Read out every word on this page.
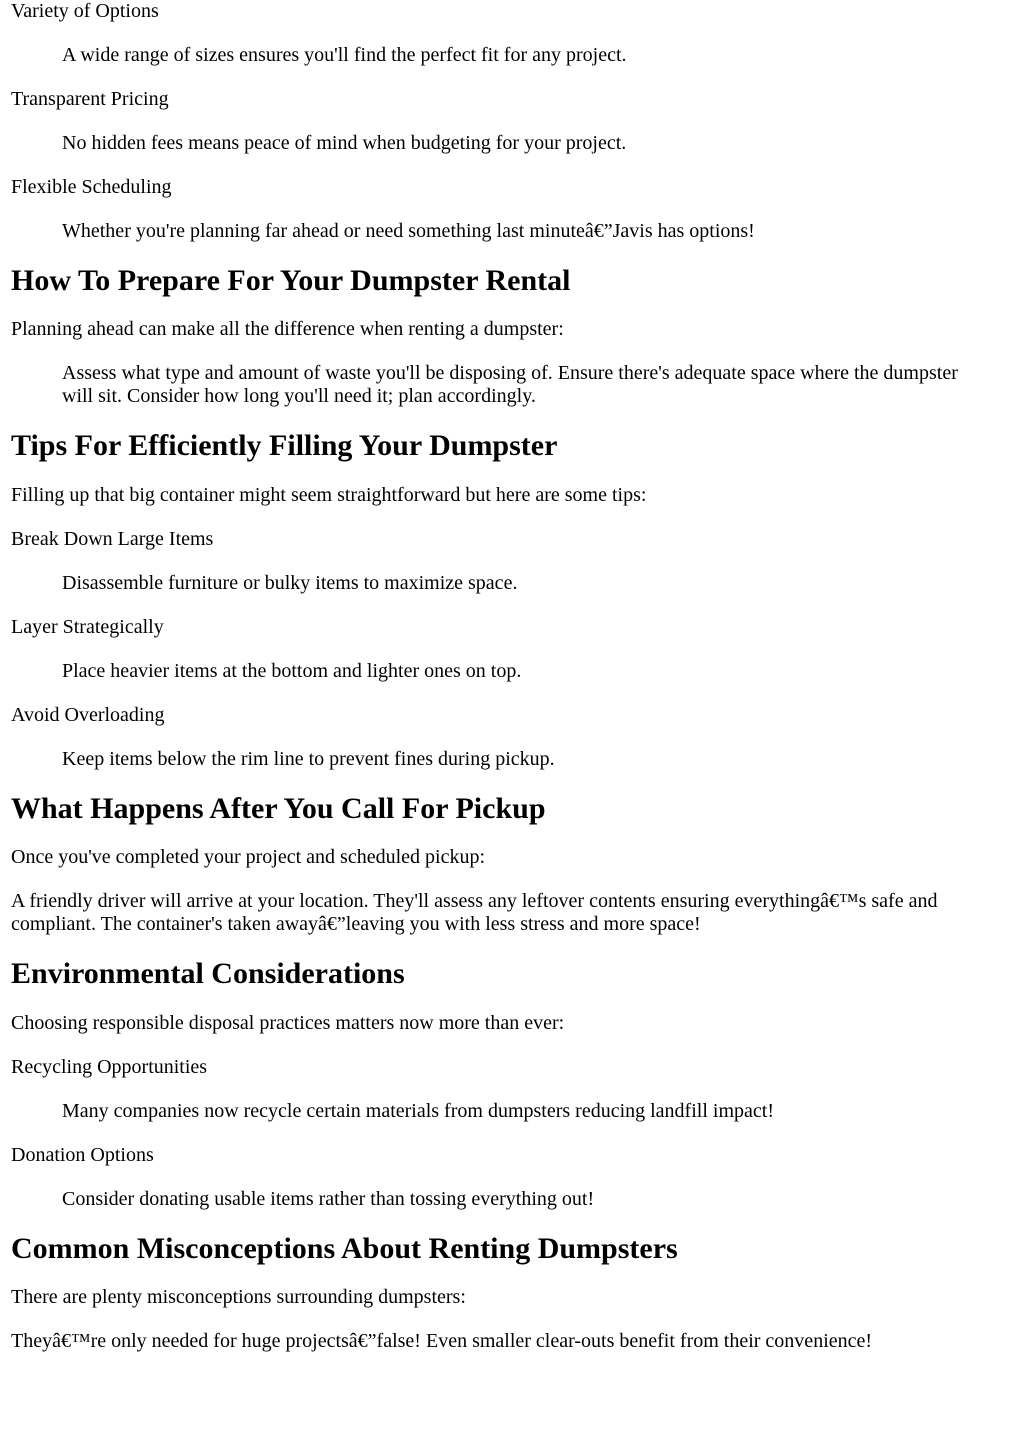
Variety of Options

A wide range of sizes ensures you'll find the perfect fit for any project.

Transparent Pricing

No hidden fees means peace of mind when budgeting for your project.

Flexible Scheduling

Whether you're planning far ahead or need something last minuteâ€”Javis has options!

How To Prepare For Your Dumpster Rental

Planning ahead can make all the difference when renting a dumpster:

Assess what type and amount of waste you'll be disposing of. Ensure there's adequate space where the dumpster will sit. Consider how long you'll need it; plan accordingly.

Tips For Efficiently Filling Your Dumpster

Filling up that big container might seem straightforward but here are some tips:

Break Down Large Items

Disassemble furniture or bulky items to maximize space.

Layer Strategically

Place heavier items at the bottom and lighter ones on top.

Avoid Overloading

Keep items below the rim line to prevent fines during pickup.

What Happens After You Call For Pickup

Once you've completed your project and scheduled pickup:

A friendly driver will arrive at your location. They'll assess any leftover contents ensuring everythingâ€™s safe and compliant. The container's taken awayâ€”leaving you with less stress and more space!

Environmental Considerations

Choosing responsible disposal practices matters now more than ever:

Recycling Opportunities

Many companies now recycle certain materials from dumpsters reducing landfill impact!

Donation Options

Consider donating usable items rather than tossing everything out!

Common Misconceptions About Renting Dumpsters

There are plenty misconceptions surrounding dumpsters:

Theyâ€™re only needed for huge projectsâ€”false! Even smaller clear-outs benefit from their convenience!
